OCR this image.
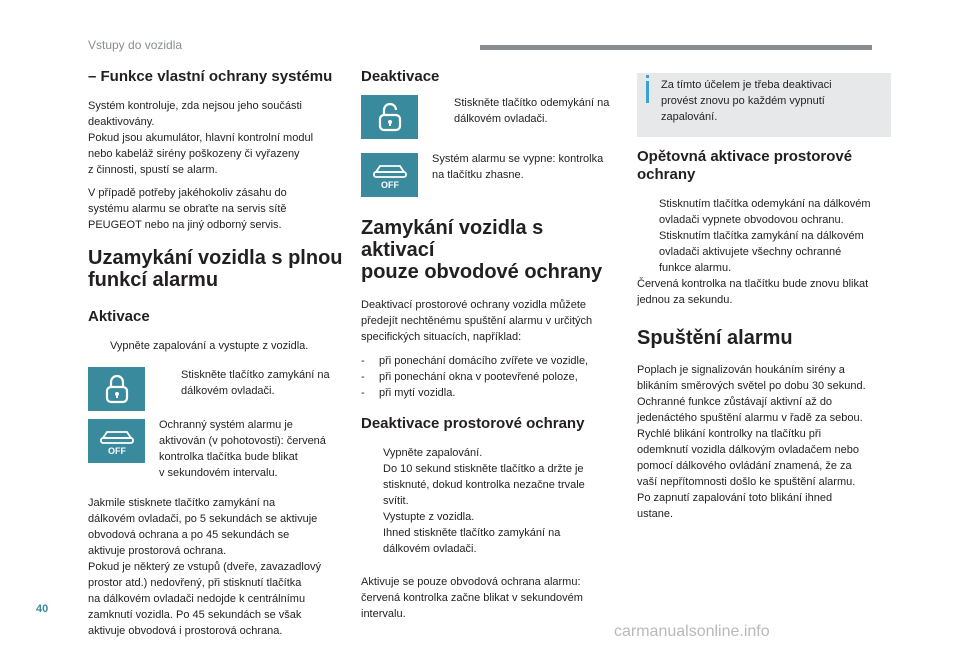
Vstupy do vozidla

– Funkce vlastní ochrany systému

Systém kontroluje, zda nejsou jeho součásti
deaktivovány.
Pokud jsou akumulátor, hlavní kontrolní modul
nebo kabeláž sirény poškozeny či vyřazeny
z činnosti, spustí se alarm.

V případě potřeby jakéhokoliv zásahu do
systému alarmu se obraťte na servis sítě
PEUGEOT nebo na jiný odborný servis.

Uzamykání vozidla s plnou
funkcí alarmu

Aktivace

Vypněte zapalování a vystupte z vozidla.
Stiskněte tlačítko zamykání na
dálkovém ovladači.
OFF
Ochranný systém alarmu je
aktivován (v pohotovosti): červená
kontrolka tlačítka bude blikat
v sekundovém intervalu.

Jakmile stisknete tlačítko zamykání na
dálkovém ovladači, po 5 sekundách se aktivuje
obvodová ochrana a po 45 sekundách se
aktivuje prostorová ochrana.
Pokud je některý ze vstupů (dveře, zavazadlový
prostor atd.) nedovřený, při stisknutí tlačítka
na dálkovém ovladači nedojde k centrálnímu
zamknutí vozidla. Po 45 sekundách se však
aktivuje obvodová i prostorová ochrana.

Deaktivace

Stiskněte tlačítko odemykání na
dálkovém ovladači.
OFF
Systém alarmu se vypne: kontrolka
na tlačítku zhasne.

Zamykání vozidla s aktivací
pouze obvodové ochrany

Deaktivací prostorové ochrany vozidla můžete
předejít nechtěnému spuštění alarmu v určitých
specifických situacích, například:

-	při ponechání domácího zvířete ve vozidle,
-	při ponechání okna v pootevřené poloze,
-	při mytí vozidla.

Deaktivace prostorové ochrany

Vypněte zapalování.
Do 10 sekund stiskněte tlačítko a držte je
stisknuté, dokud kontrolka nezačne trvale
svítit.
Vystupte z vozidla.
Ihned stiskněte tlačítko zamykání na
dálkovém ovladači.

Aktivuje se pouze obvodová ochrana alarmu:
červená kontrolka začne blikat v sekundovém
intervalu.

Za tímto účelem je třeba deaktivaci
provést znovu po každém vypnutí
zapalování.

Opětovná aktivace prostorové
ochrany

Stisknutím tlačítka odemykání na dálkovém
ovladači vypnete obvodovou ochranu.
Stisknutím tlačítka zamykání na dálkovém
ovladači aktivujete všechny ochranné
funkce alarmu.

Červená kontrolka na tlačítku bude znovu blikat
jednou za sekundu.

Spuštění alarmu

Poplach je signalizován houkáním sirény a
blikáním směrových světel po dobu 30 sekund.
Ochranné funkce zůstávají aktivní až do
jedenáctého spuštění alarmu v řadě za sebou.
Rychlé blikání kontrolky na tlačítku při
odemknutí vozidla dálkovým ovladačem nebo
pomocí dálkového ovládání znamená, že za
vaší nepřítomnosti došlo ke spuštění alarmu.
Po zapnutí zapalování toto blikání ihned
ustane.

40
carmanualsonline.info
